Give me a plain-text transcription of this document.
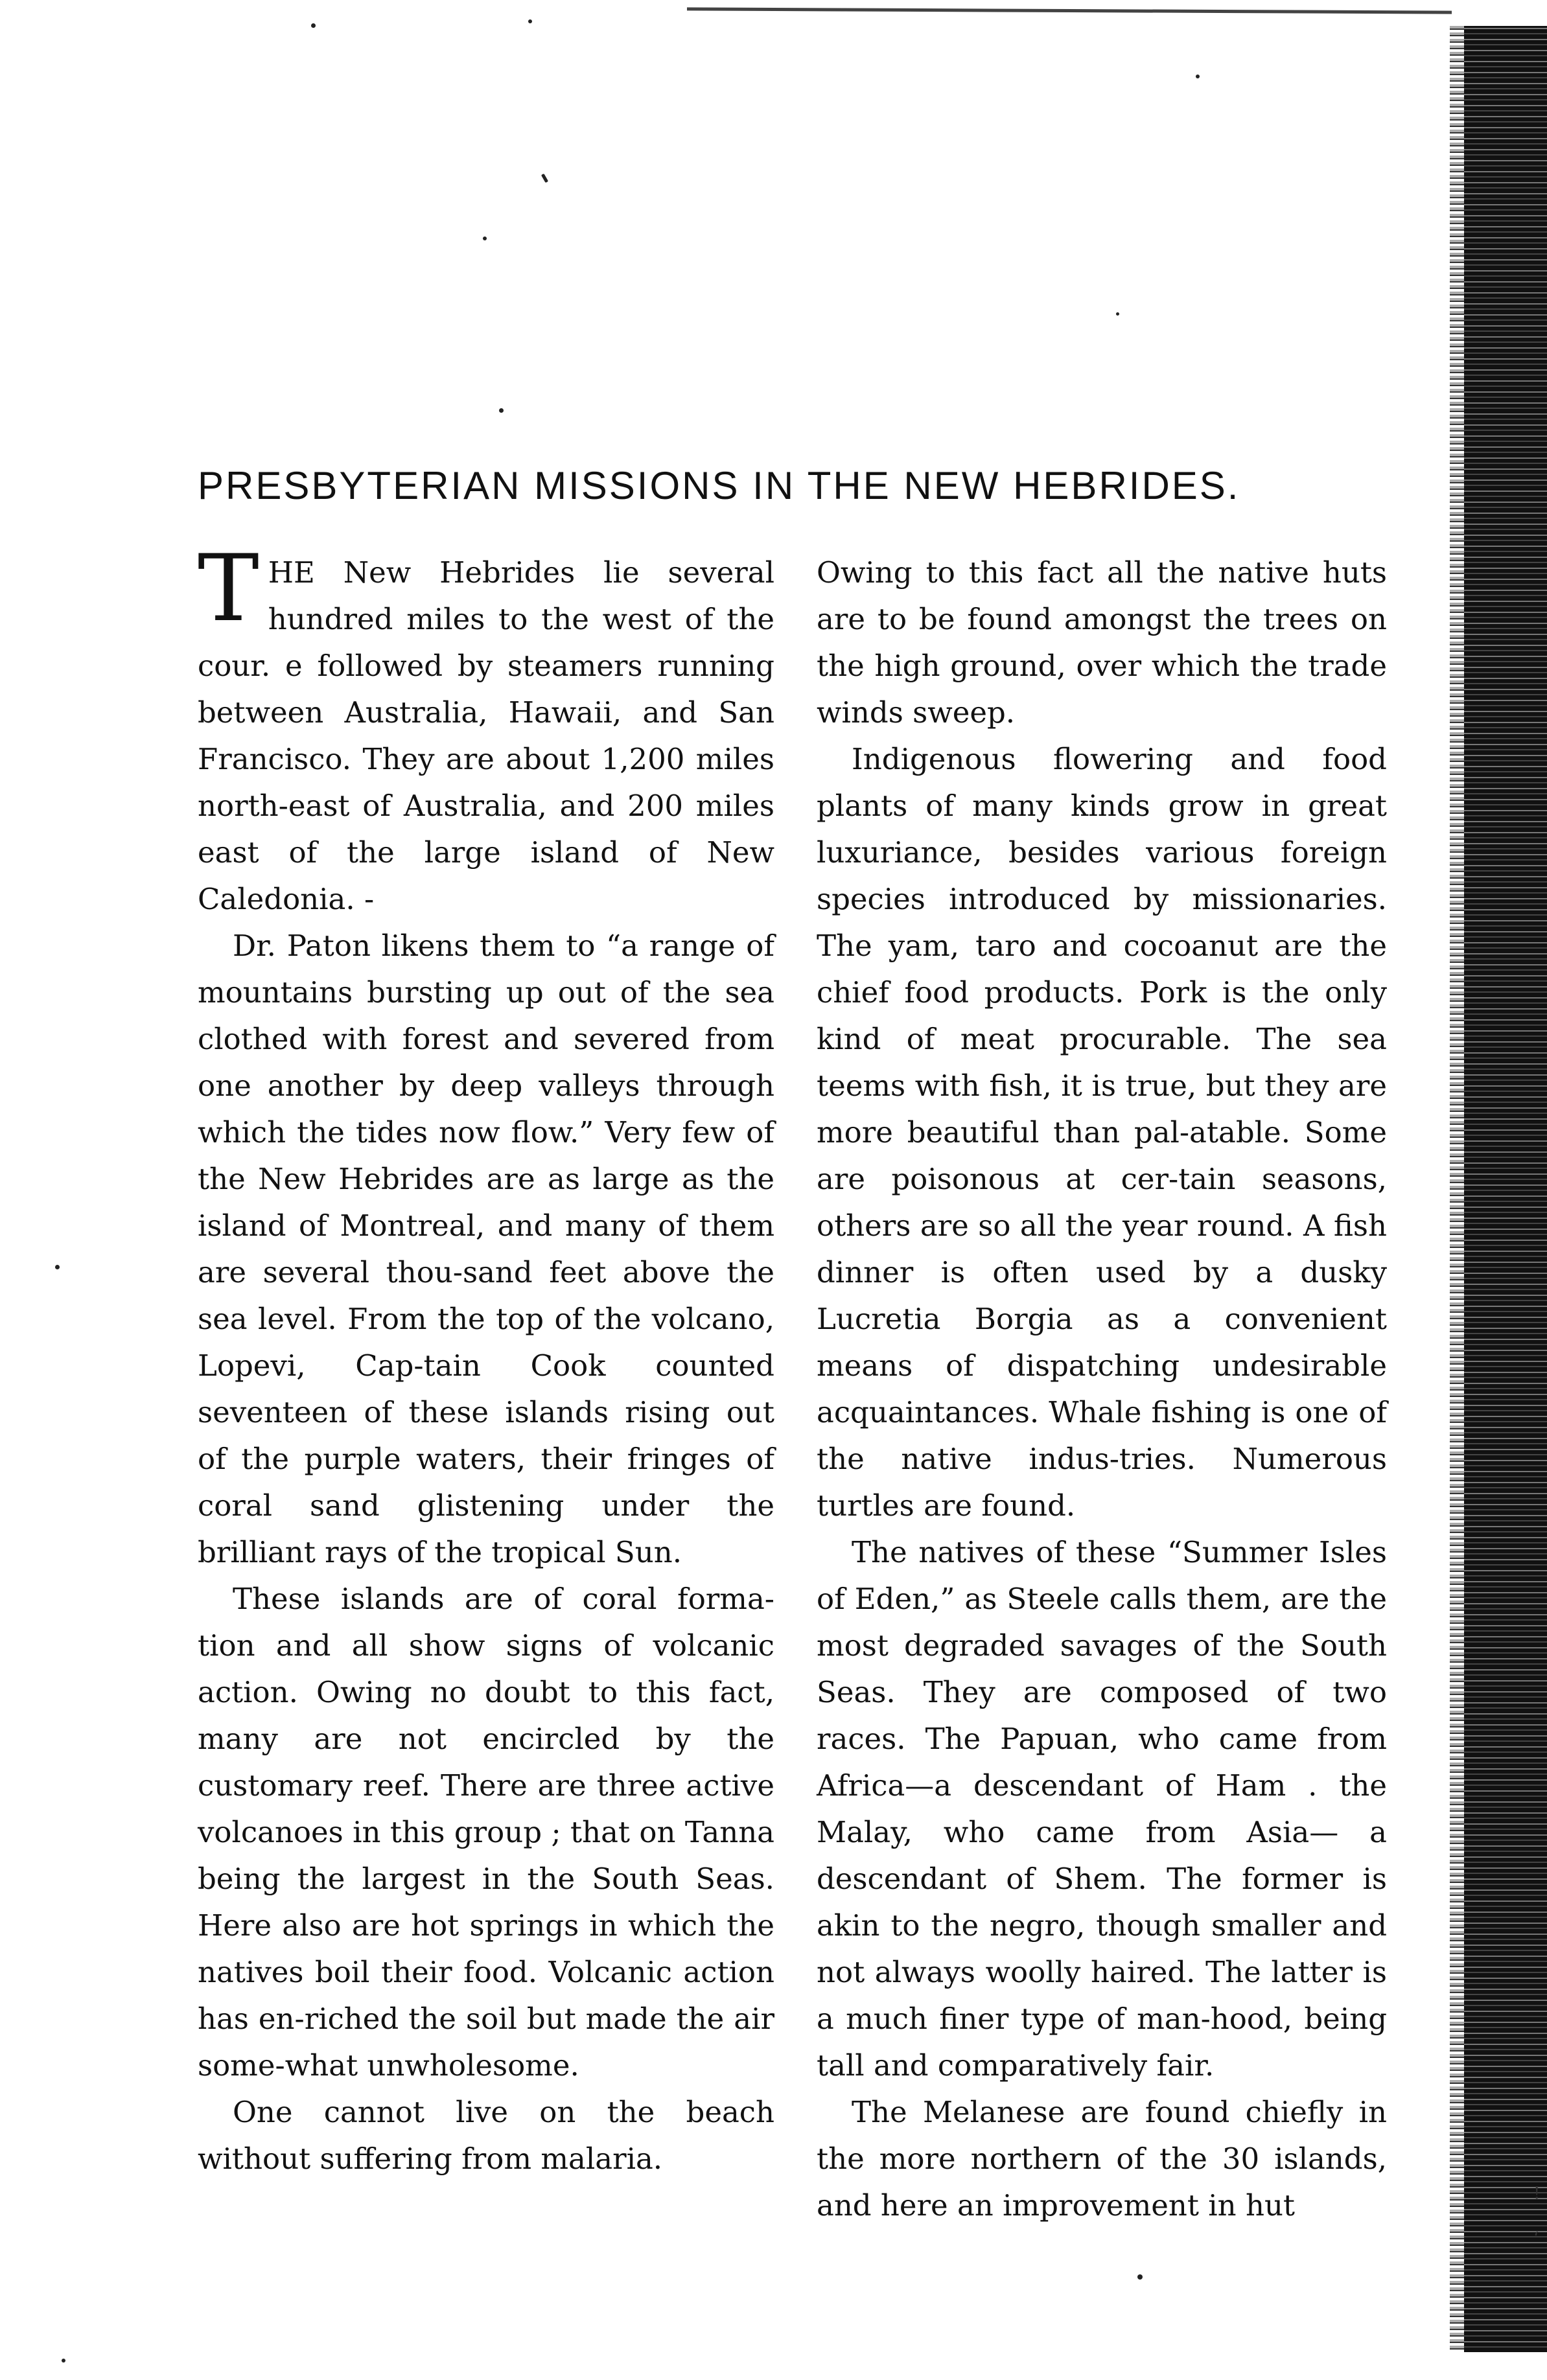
PRESBYTERIAN MISSIONS IN THE NEW HEBRIDES.

THE New Hebrides lie several hundred miles to the west of the cour. e followed by steamers running between Australia, Hawaii, and San Francisco. They are about 1,200 miles north-east of Australia, and 200 miles east of the large island of New Caledonia. -

Dr. Paton likens them to “a range of mountains bursting up out of the sea clothed with forest and severed from one another by deep valleys through which the tides now flow.” Very few of the New Hebrides are as large as the island of Montreal, and many of them are several thou-sand feet above the sea level. From the top of the volcano, Lopevi, Cap-tain Cook counted seventeen of these islands rising out of the purple waters, their fringes of coral sand glistening under the brilliant rays of the tropical Sun.

These islands are of coral forma-tion and all show signs of volcanic action. Owing no doubt to this fact, many are not encircled by the customary reef. There are three active volcanoes in this group ; that on Tanna being the largest in the South Seas. Here also are hot springs in which the natives boil their food. Volcanic action has en-riched the soil but made the air some-what unwholesome.

One cannot live on the beach without suffering from malaria.

Owing to this fact all the native huts are to be found amongst the trees on the high ground, over which the trade winds sweep.

Indigenous flowering and food plants of many kinds grow in great luxuriance, besides various foreign species introduced by missionaries. The yam, taro and cocoanut are the chief food products. Pork is the only kind of meat procurable. The sea teems with fish, it is true, but they are more beautiful than pal-atable. Some are poisonous at cer-tain seasons, others are so all the year round. A fish dinner is often used by a dusky Lucretia Borgia as a convenient means of dispatching undesirable acquaintances. Whale fishing is one of the native indus-tries. Numerous turtles are found.

The natives of these “Summer Isles of Eden,” as Steele calls them, are the most degraded savages of the South Seas. They are composed of two races. The Papuan, who came from Africa—a descendant of Ham . the Malay, who came from Asia— a descendant of Shem. The former is akin to the negro, though smaller and not always woolly haired. The latter is a much finer type of man-hood, being tall and comparatively fair.

The Melanese are found chiefly in the more northern of the 30 islands, and here an improvement in hut	!
‘
